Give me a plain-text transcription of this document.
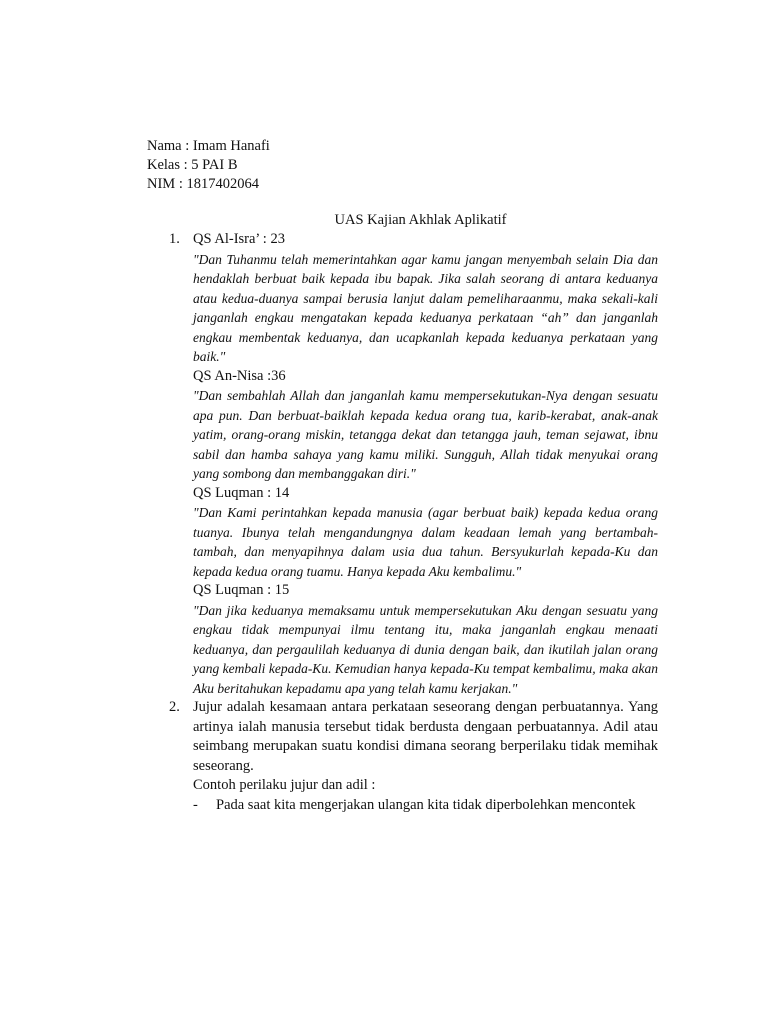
Nama : Imam Hanafi
Kelas : 5 PAI B
NIM : 1817402064
UAS Kajian Akhlak Aplikatif
1. QS Al-Isra’ : 23
"Dan Tuhanmu telah memerintahkan agar kamu jangan menyembah selain Dia dan hendaklah berbuat baik kepada ibu bapak. Jika salah seorang di antara keduanya atau kedua-duanya sampai berusia lanjut dalam pemeliharaanmu, maka sekali-kali janganlah engkau mengatakan kepada keduanya perkataan “ah” dan janganlah engkau membentak keduanya, dan ucapkanlah kepada keduanya perkataan yang baik."
QS An-Nisa :36
"Dan sembahlah Allah dan janganlah kamu mempersekutukan-Nya dengan sesuatu apa pun. Dan berbuat-baiklah kepada kedua orang tua, karib-kerabat, anak-anak yatim, orang-orang miskin, tetangga dekat dan tetangga jauh, teman sejawat, ibnu sabil dan hamba sahaya yang kamu miliki. Sungguh, Allah tidak menyukai orang yang sombong dan membanggakan diri."
QS Luqman : 14
"Dan Kami perintahkan kepada manusia (agar berbuat baik) kepada kedua orang tuanya. Ibunya telah mengandungnya dalam keadaan lemah yang bertambah-tambah, dan menyapihnya dalam usia dua tahun. Bersyukurlah kepada-Ku dan kepada kedua orang tuamu. Hanya kepada Aku kembalimu."
QS Luqman : 15
"Dan jika keduanya memaksamu untuk mempersekutukan Aku dengan sesuatu yang engkau tidak mempunyai ilmu tentang itu, maka janganlah engkau menaati keduanya, dan pergaulilah keduanya di dunia dengan baik, dan ikutilah jalan orang yang kembali kepada-Ku. Kemudian hanya kepada-Ku tempat kembalimu, maka akan Aku beritahukan kepadamu apa yang telah kamu kerjakan."
2. Jujur adalah kesamaan antara perkataan seseorang dengan perbuatannya. Yang artinya ialah manusia tersebut tidak berdusta dengaan perbuatannya. Adil atau seimbang merupakan suatu kondisi dimana seorang berperilaku tidak memihak seseorang.
Contoh perilaku jujur dan adil :
- Pada saat kita mengerjakan ulangan kita tidak diperbolehkan mencontek
